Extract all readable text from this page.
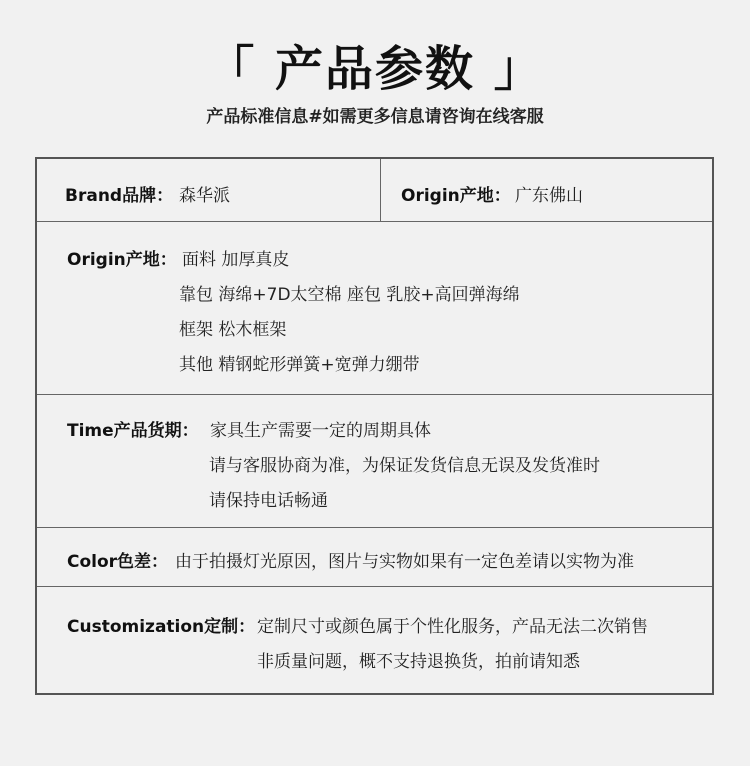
「 产品参数 」
产品标准信息#如需更多信息请咨询在线客服
Brand品牌： 森华派	Origin产地： 广东佛山
Origin产地： 面料 加厚真皮
靠包 海绵+7D太空棉 座包 乳胶+高回弹海绵
框架 松木框架
其他 精钢蛇形弹簧+宽弹力绷带
Time产品货期： 家具生产需要一定的周期具体
请与客服协商为准，为保证发货信息无误及发货准时
请保持电话畅通
Color色差： 由于拍摄灯光原因，图片与实物如果有一定色差请以实物为准
Customization定制： 定制尺寸或颜色属于个性化服务，产品无法二次销售
非质量问题，概不支持退换货，拍前请知悉
